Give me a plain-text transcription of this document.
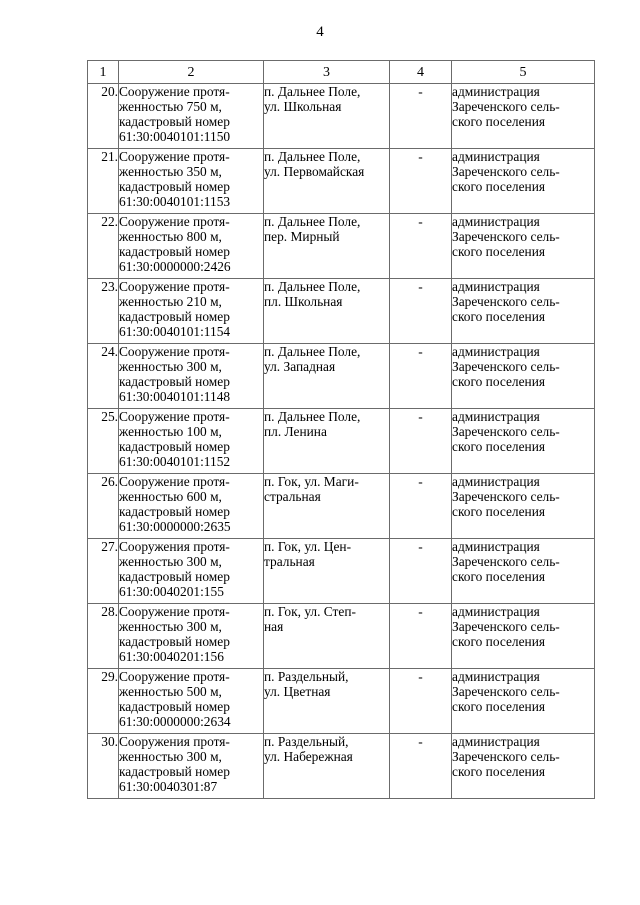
4
1	2	3	4	5
20.	Сооружение протя-
женностью 750 м,
кадастровый номер
61:30:0040101:1150	п. Дальнее Поле,
ул. Школьная	-	администрация
Зареченского сель-
ского поселения

21.	Сооружение протя-
женностью 350 м,
кадастровый номер
61:30:0040101:1153	п. Дальнее Поле,
ул. Первомайская	-	администрация
Зареченского сель-
ского поселения

22.	Сооружение протя-
женностью 800 м,
кадастровый номер
61:30:0000000:2426	п. Дальнее Поле,
пер. Мирный	-	администрация
Зареченского сель-
ского поселения

23.	Сооружение протя-
женностью 210 м,
кадастровый номер
61:30:0040101:1154	п. Дальнее Поле,
пл. Школьная	-	администрация
Зареченского сель-
ского поселения

24.	Сооружение протя-
женностью 300 м,
кадастровый номер
61:30:0040101:1148	п. Дальнее Поле,
ул. Западная	-	администрация
Зареченского сель-
ского поселения

25.	Сооружение протя-
женностью 100 м,
кадастровый номер
61:30:0040101:1152	п. Дальнее Поле,
пл. Ленина	-	администрация
Зареченского сель-
ского поселения

26.	Сооружение протя-
женностью 600 м,
кадастровый номер
61:30:0000000:2635	п. Гок, ул. Маги-
стральная	-	администрация
Зареченского сель-
ского поселения

27.	Сооружения протя-
женностью 300 м,
кадастровый номер
61:30:0040201:155	п. Гок, ул. Цен-
тральная	-	администрация
Зареченского сель-
ского поселения

28.	Сооружение протя-
женностью 300 м,
кадастровый номер
61:30:0040201:156	п. Гок, ул. Степ-
ная	-	администрация
Зареченского сель-
ского поселения

29.	Сооружение протя-
женностью 500 м,
кадастровый номер
61:30:0000000:2634	п. Раздельный,
ул. Цветная	-	администрация
Зареченского сель-
ского поселения

30.	Сооружения протя-
женностью 300 м,
кадастровый номер
61:30:0040301:87	п. Раздельный,
ул. Набережная	-	администрация
Зареченского сель-
ского поселения
